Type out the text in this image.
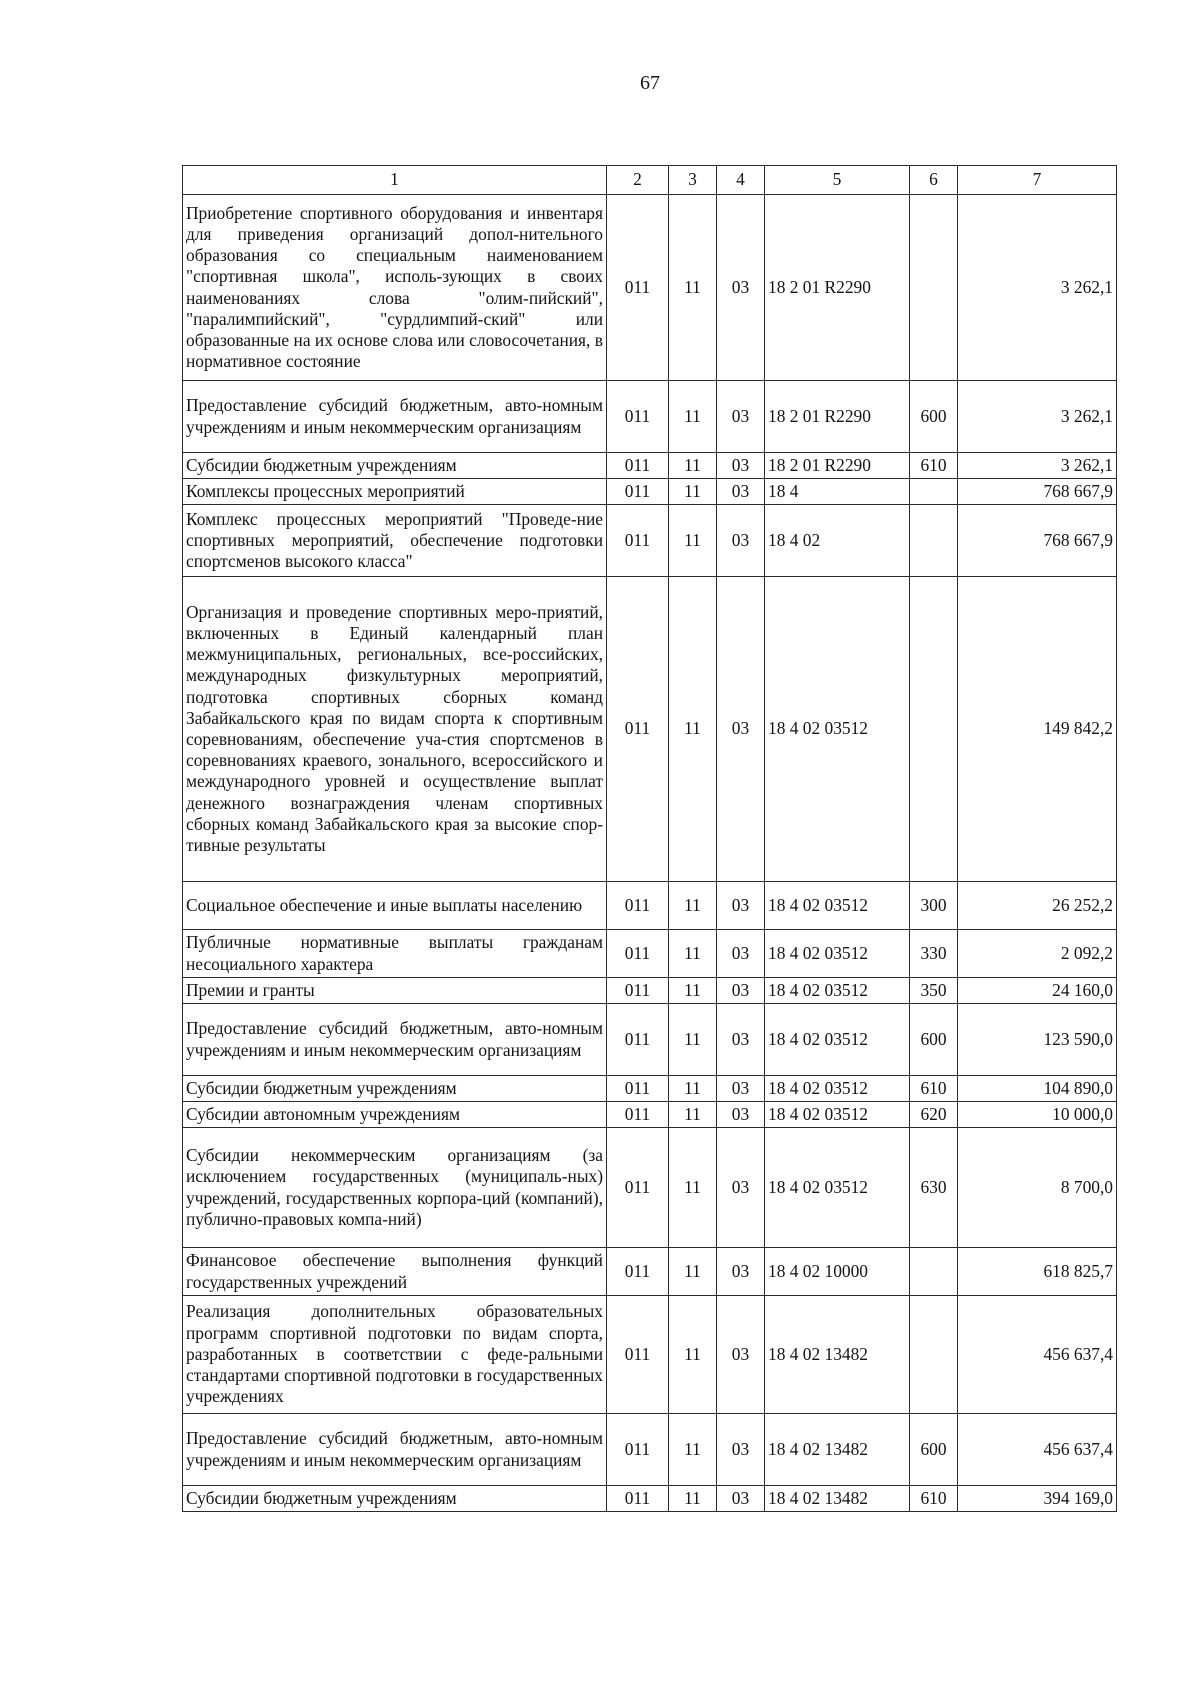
67
1	2	3	4	5	6	7
Приобретение спортивного оборудования и инвентаря для приведения организаций допол-нительного образования со специальным наименованием "спортивная школа", исполь-зующих в своих наименованиях слова "олим-пийский", "паралимпийский", "сурдлимпий-ский" или образованные на их основе слова или словосочетания, в нормативное состояние	011	11	03	18 2 01 R2290		3 262,1
Предоставление субсидий бюджетным, авто-номным учреждениям и иным некоммерческим организациям	011	11	03	18 2 01 R2290	600	3 262,1
Субсидии бюджетным учреждениям	011	11	03	18 2 01 R2290	610	3 262,1
Комплексы процессных мероприятий	011	11	03	18 4		768 667,9
Комплекс процессных мероприятий "Проведе-ние спортивных мероприятий, обеспечение подготовки спортсменов высокого класса"	011	11	03	18 4 02		768 667,9
Организация и проведение спортивных меро-приятий, включенных в Единый календарный план межмуниципальных, региональных, все-российских, международных физкультурных мероприятий, подготовка спортивных сборных команд Забайкальского края по видам спорта к спортивным соревнованиям, обеспечение уча-стия спортсменов в соревнованиях краевого, зонального, всероссийского и международного уровней и осуществление выплат денежного вознаграждения членам спортивных сборных команд Забайкальского края за высокие спор-тивные результаты	011	11	03	18 4 02 03512		149 842,2
Социальное обеспечение и иные выплаты населению	011	11	03	18 4 02 03512	300	26 252,2
Публичные нормативные выплаты гражданам несоциального характера	011	11	03	18 4 02 03512	330	2 092,2
Премии и гранты	011	11	03	18 4 02 03512	350	24 160,0
Предоставление субсидий бюджетным, авто-номным учреждениям и иным некоммерческим организациям	011	11	03	18 4 02 03512	600	123 590,0
Субсидии бюджетным учреждениям	011	11	03	18 4 02 03512	610	104 890,0
Субсидии автономным учреждениям	011	11	03	18 4 02 03512	620	10 000,0
Субсидии некоммерческим организациям (за исключением государственных (муниципаль-ных) учреждений, государственных корпора-ций (компаний), публично-правовых компа-ний)	011	11	03	18 4 02 03512	630	8 700,0
Финансовое обеспечение выполнения функций государственных учреждений	011	11	03	18 4 02 10000		618 825,7
Реализация дополнительных образовательных программ спортивной подготовки по видам спорта, разработанных в соответствии с феде-ральными стандартами спортивной подготовки в государственных учреждениях	011	11	03	18 4 02 13482		456 637,4
Предоставление субсидий бюджетным, авто-номным учреждениям и иным некоммерческим организациям	011	11	03	18 4 02 13482	600	456 637,4
Субсидии бюджетным учреждениям	011	11	03	18 4 02 13482	610	394 169,0
